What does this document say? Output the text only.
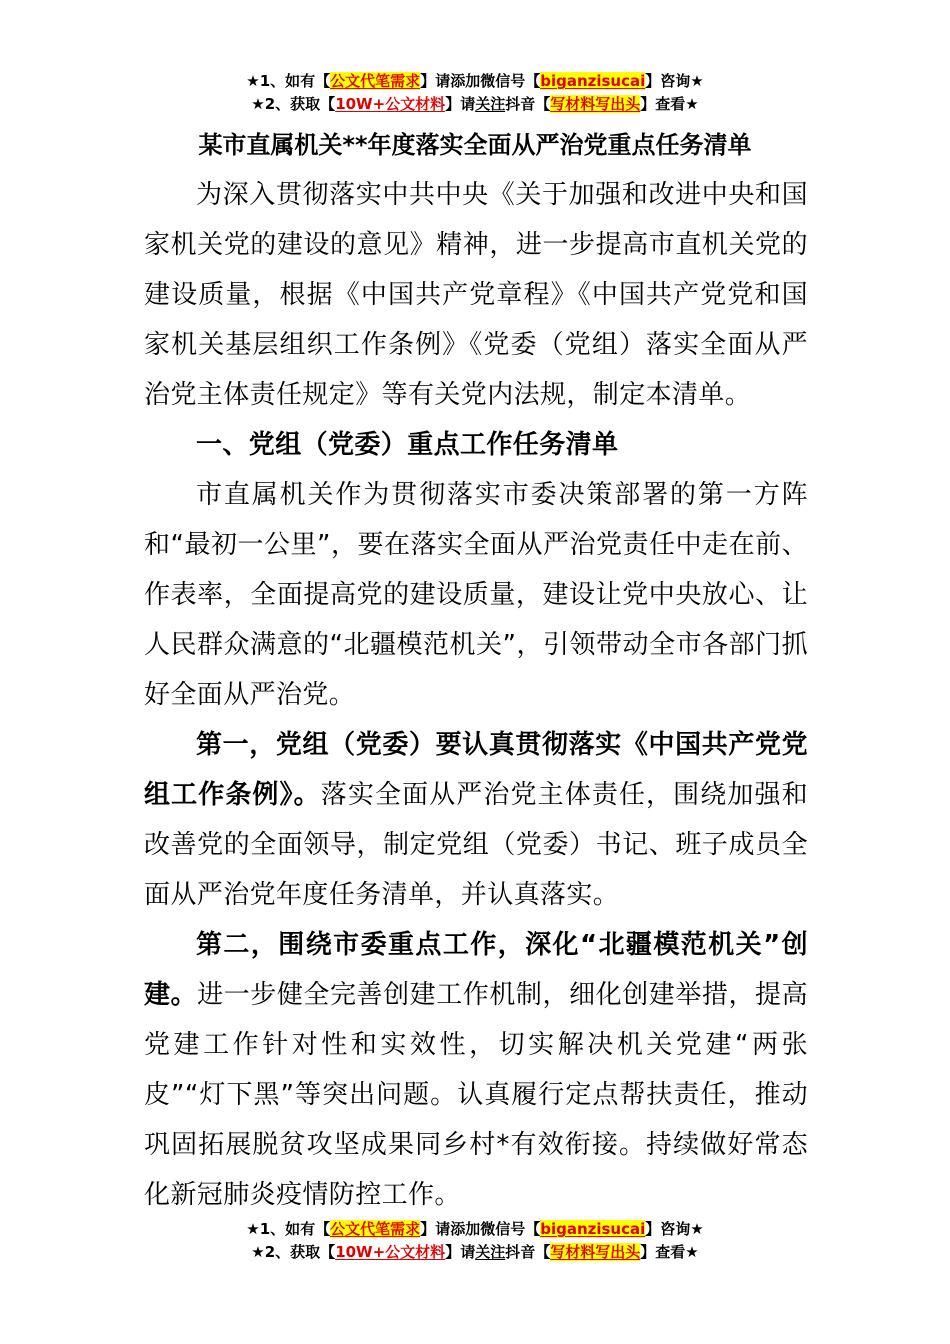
★1、如有【公文代笔需求】请添加微信号【biganzisucai】咨询★
★2、获取【10W+公文材料】请关注抖音【写材料写出头】查看★
某市直属机关**年度落实全面从严治党重点任务清单

为深入贯彻落实中共中央《关于加强和改进中央和国家机关党的建设的意见》精神，进一步提高市直机关党的建设质量，根据《中国共产党章程》《中国共产党党和国家机关基层组织工作条例》《党委（党组）落实全面从严治党主体责任规定》等有关党内法规，制定本清单。

一、党组（党委）重点工作任务清单

市直属机关作为贯彻落实市委决策部署的第一方阵和“最初一公里”，要在落实全面从严治党责任中走在前、作表率，全面提高党的建设质量，建设让党中央放心、让人民群众满意的“北疆模范机关”，引领带动全市各部门抓好全面从严治党。

第一，党组（党委）要认真贯彻落实《中国共产党党组工作条例》。落实全面从严治党主体责任，围绕加强和改善党的全面领导，制定党组（党委）书记、班子成员全面从严治党年度任务清单，并认真落实。

第二，围绕市委重点工作，深化“北疆模范机关”创建。进一步健全完善创建工作机制，细化创建举措，提高党建工作针对性和实效性，切实解决机关党建“两张皮”“灯下黑”等突出问题。认真履行定点帮扶责任，推动巩固拓展脱贫攻坚成果同乡村*有效衔接。持续做好常态化新冠肺炎疫情防控工作。

★1、如有【公文代笔需求】请添加微信号【biganzisucai】咨询★
★2、获取【10W+公文材料】请关注抖音【写材料写出头】查看★
